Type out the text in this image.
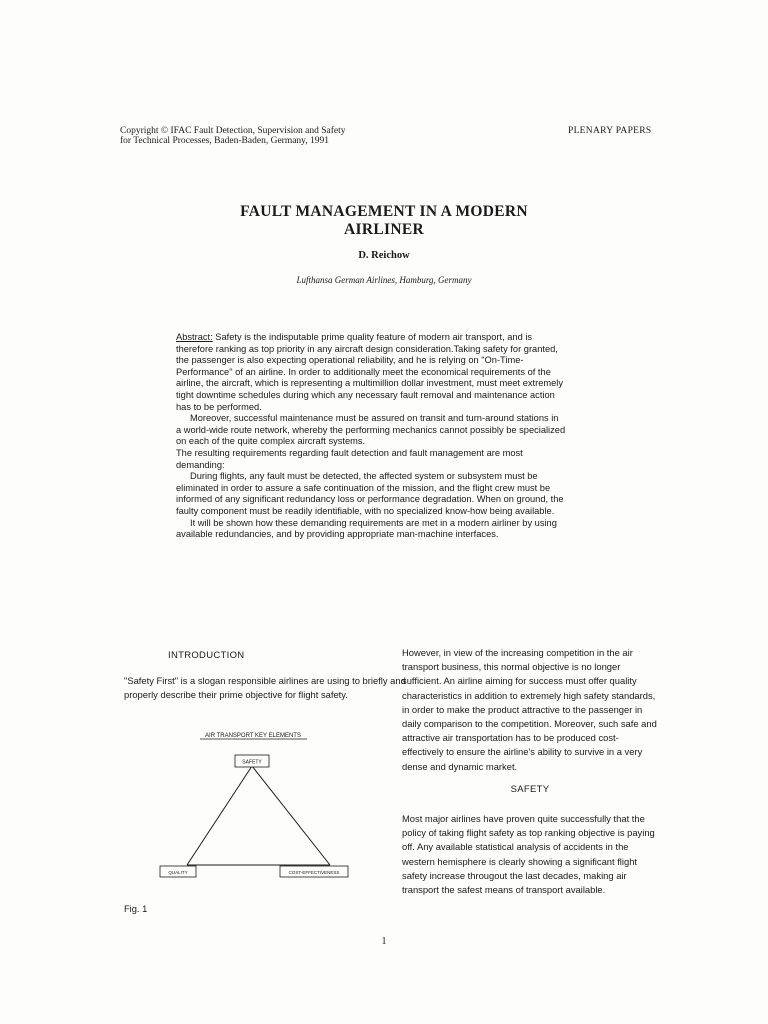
Copyright © IFAC Fault Detection, Supervision and Safety
for Technical Processes, Baden-Baden, Germany, 1991
PLENARY PAPERS
FAULT MANAGEMENT IN A MODERN
AIRLINER
D. Reichow
Lufthansa German Airlines, Hamburg, Germany

Abstract: Safety is the indisputable prime quality feature of modern air transport, and is therefore ranking as top priority in any aircraft design consideration.Taking safety for granted, the passenger is also expecting operational reliability, and he is relying on "On-Time-Performance" of an airline. In order to additionally meet the economical requirements of the airline, the aircraft, which is representing a multimillion dollar investment, must meet extremely tight downtime schedules during which any necessary fault removal and maintenance action has to be performed.

Moreover, successful maintenance must be assured on transit and turn-around stations in a world-wide route network, whereby the performing mechanics cannot possibly be specialized on each of the quite complex aircraft systems.

The resulting requirements regarding fault detection and fault management are most demanding:

During flights, any fault must be detected, the affected system or subsystem must be eliminated in order to assure a safe continuation of the mission, and the flight crew must be informed of any significant redundancy loss or performance degradation. When on ground, the faulty component must be readily identifiable, with no specialized know-how being available.

It will be shown how these demanding requirements are met in a modern airliner by using available redundancies, and by providing appropriate man-machine interfaces.

INTRODUCTION
"Safety First" is a slogan responsible airlines are using to briefly and properly describe their prime objective for flight safety.
AIR TRANSPORT KEY ELEMENTS
SAFETY
QUALITY	COST-EFFECTIVENESS
Fig. 1

However, in view of the increasing competition in the air transport business, this normal objective is no longer sufficient. An airline aiming for success must offer quality characteristics in addition to extremely high safety standards, in order to make the product attractive to the passenger in daily comparison to the competition. Moreover, such safe and attractive air transportation has to be produced cost-effectively to ensure the airline's ability to survive in a very dense and dynamic market.

SAFETY
Most major airlines have proven quite successfully that the policy of taking flight safety as top ranking objective is paying off. Any available statistical analysis of accidents in the western hemisphere is clearly showing a significant flight safety increase througout the last decades, making air transport the safest means of transport available.
1
